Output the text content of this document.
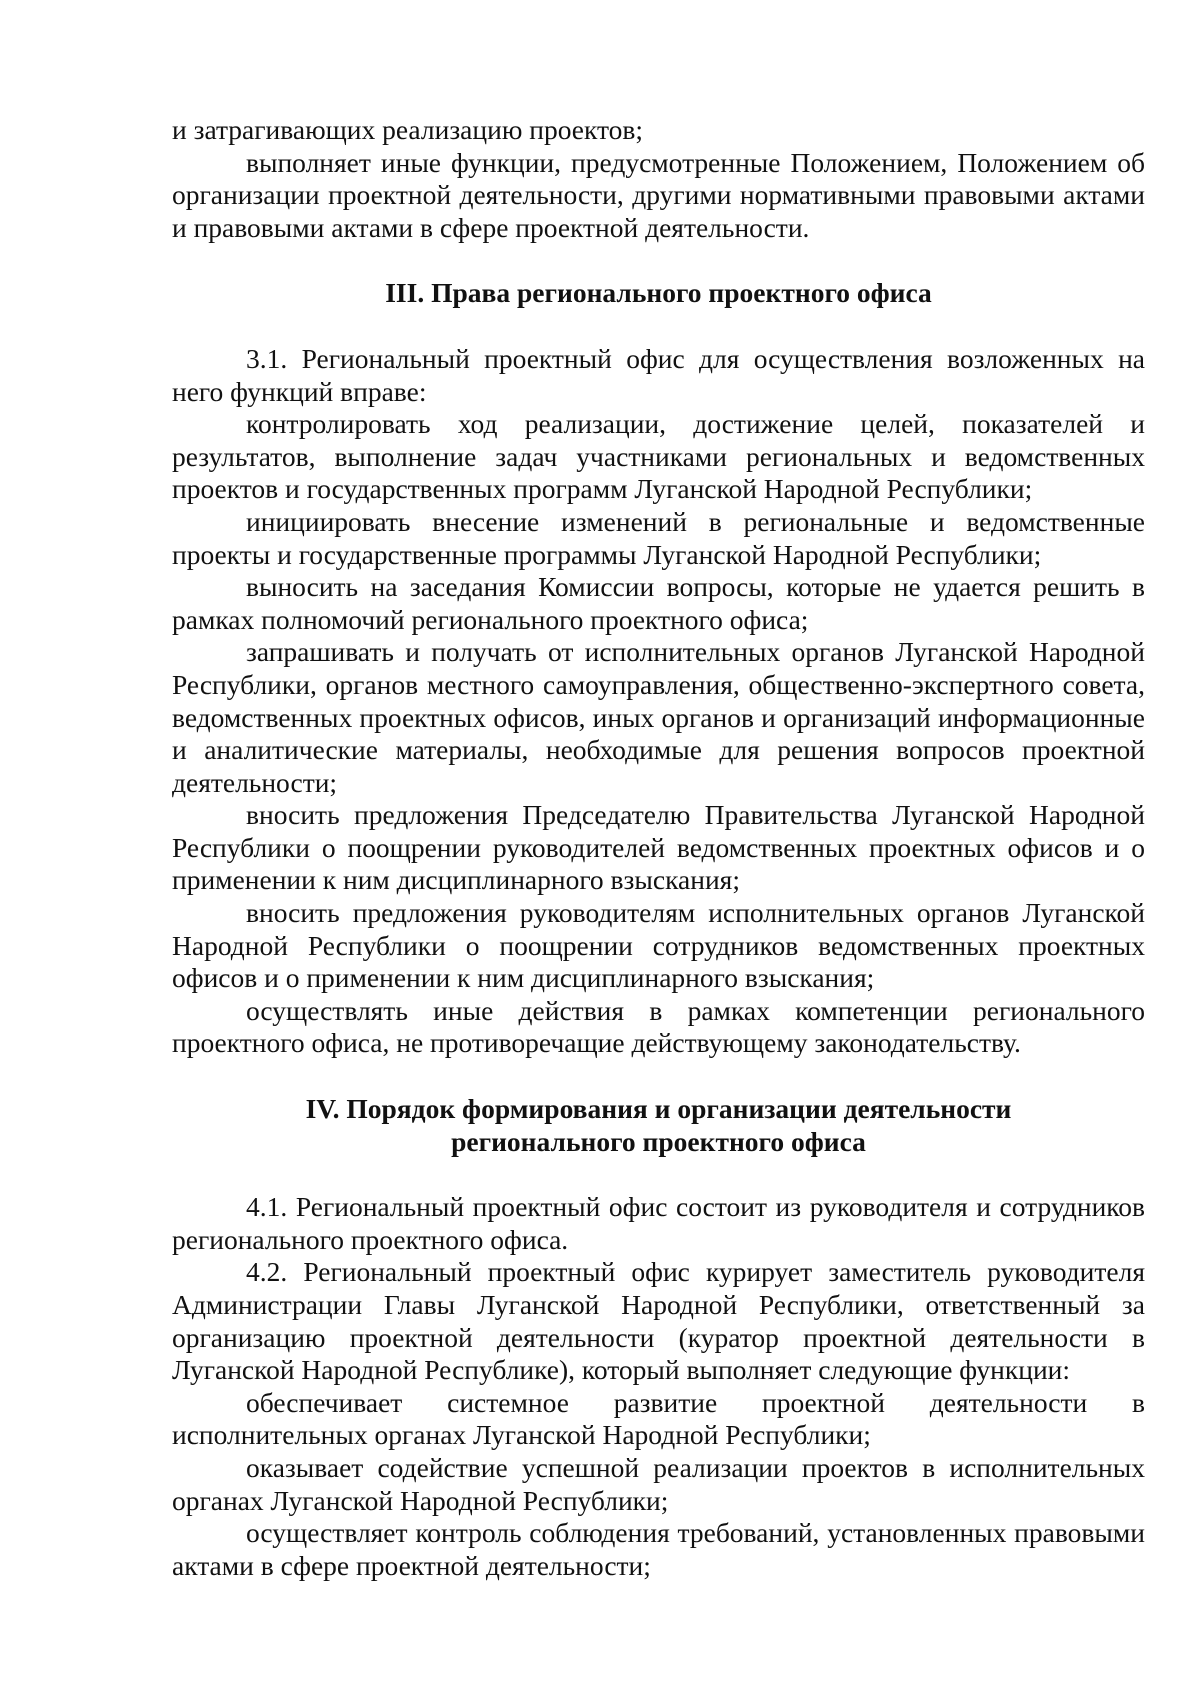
и затрагивающих реализацию проектов;

выполняет иные функции, предусмотренные Положением, Положением об организации проектной деятельности, другими нормативными правовыми актами и правовыми актами в сфере проектной деятельности.

III. Права регионального проектного офиса

3.1. Региональный проектный офис для осуществления возложенных на него функций вправе:

контролировать ход реализации, достижение целей, показателей и результатов, выполнение задач участниками региональных и ведомственных проектов и государственных программ Луганской Народной Республики;

инициировать внесение изменений в региональные и ведомственные проекты и государственные программы Луганской Народной Республики;

выносить на заседания Комиссии вопросы, которые не удается решить в рамках полномочий регионального проектного офиса;

запрашивать и получать от исполнительных органов Луганской Народной Республики, органов местного самоуправления, общественно-экспертного совета, ведомственных проектных офисов, иных органов и организаций информационные и аналитические материалы, необходимые для решения вопросов проектной деятельности;

вносить предложения Председателю Правительства Луганской Народной Республики о поощрении руководителей ведомственных проектных офисов и о применении к ним дисциплинарного взыскания;

вносить предложения руководителям исполнительных органов Луганской Народной Республики о поощрении сотрудников ведомственных проектных офисов и о применении к ним дисциплинарного взыскания;

осуществлять иные действия в рамках компетенции регионального проектного офиса, не противоречащие действующему законодательству.

IV. Порядок формирования и организации деятельности
регионального проектного офиса

4.1. Региональный проектный офис состоит из руководителя и сотрудников регионального проектного офиса.

4.2. Региональный проектный офис курирует заместитель руководителя Администрации Главы Луганской Народной Республики, ответственный за организацию проектной деятельности (куратор проектной деятельности в Луганской Народной Республике), который выполняет следующие функции:

обеспечивает системное развитие проектной деятельности в исполнительных органах Луганской Народной Республики;

оказывает содействие успешной реализации проектов в исполнительных органах Луганской Народной Республики;

осуществляет контроль соблюдения требований, установленных правовыми актами в сфере проектной деятельности;
